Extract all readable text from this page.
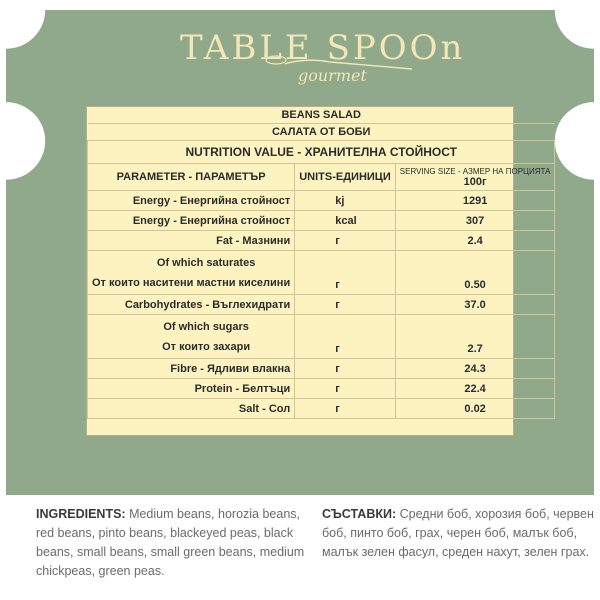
TABLE SPOOn
gourmet
BEANS SALAD		
САЛАТА ОТ БОБИ		
NUTRITION VALUE - ХРАНИТЕЛНА СТОЙНОСТ		
PARAMETER - ПАРАМЕТЪР	UNITS-ЕДИНИЦИ	SERVING SIZE - АЗМЕР НА ПОРЦИЯТА
100г

Energy - Енергийна стойност	kj	1291
Energy - Енергийна стойност	kcal	307
Fat - Мазнини	г	2.4

Of which saturates
От които наситени мастни киселини	г	0.50
Carbohydrates - Въглехидрати	г	37.0

Of which sugars
От които захари	г	2.7
Fibre - Ядливи влакна	г	24.3
Protein - Белтъци	г	22.4
Salt - Сол	г	0.02
INGREDIENTS: Medium beans, horozia beans, red beans, pinto beans, blackeyed peas, black beans, small beans, small green beans, medium chickpeas, green peas.
СЪСТАВКИ: Средни боб, хорозия боб, червен боб, пинто боб, грах, черен боб, малък боб, малък зелен фасул, среден нахут, зелен грах.
